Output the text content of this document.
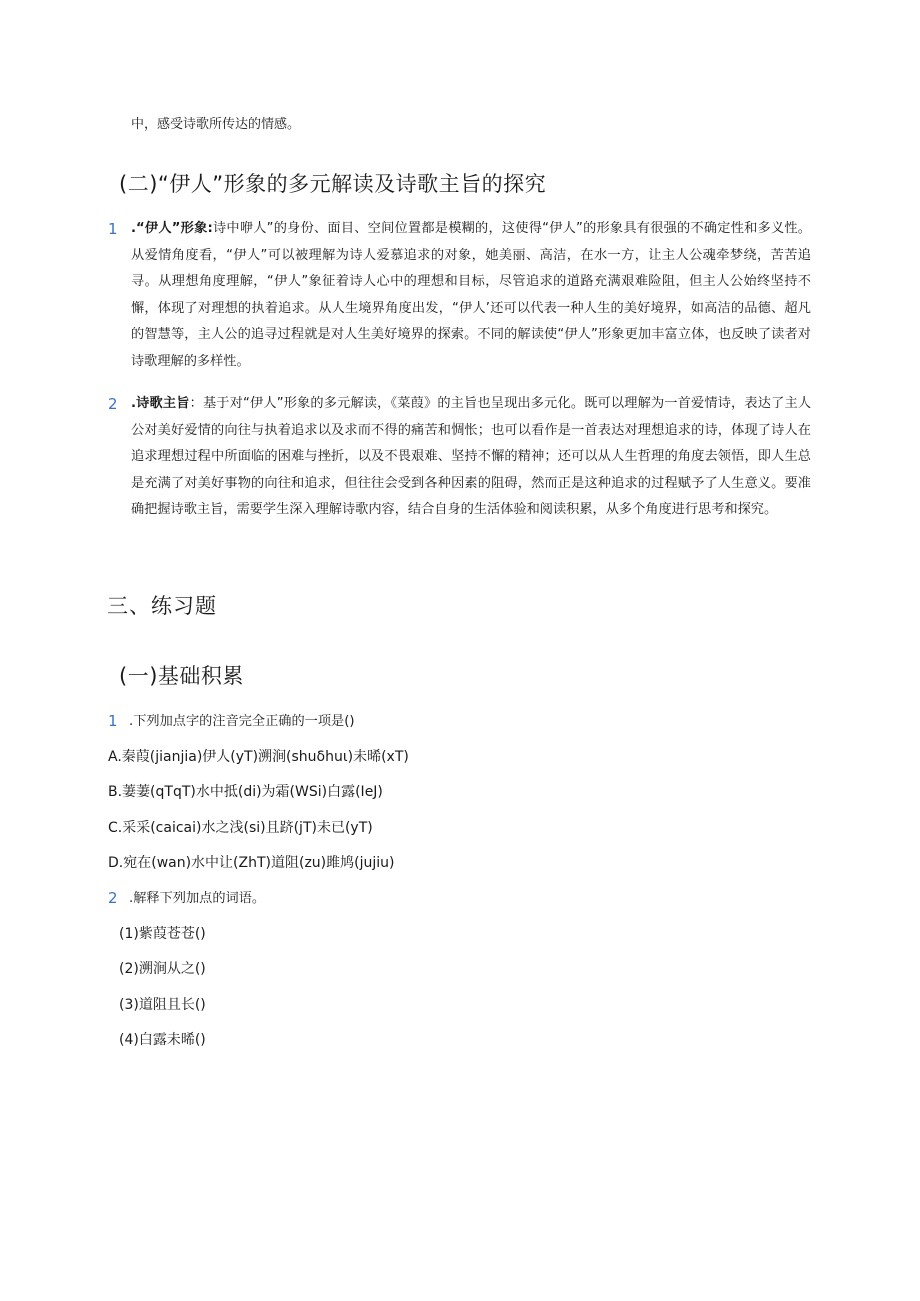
中，感受诗歌所传达的情感。
(二)“伊人”形象的多元解读及诗歌主旨的探究
1 .“伊人”形象:诗中咿人”的身份、面目、空间位置都是模糊的，这使得“伊人”的形象具有很强的不确定性和多义性。从爱情角度看，“伊人”可以被理解为诗人爱慕追求的对象，她美丽、高洁，在水一方，让主人公魂牵梦绕，苦苦追寻。从理想角度理解，“伊人”象征着诗人心中的理想和目标，尽管追求的道路充满艰难险阻，但主人公始终坚持不懈，体现了对理想的执着追求。从人生境界角度出发，“伊人’还可以代表一种人生的美好境界，如高洁的品德、超凡的智慧等，主人公的追寻过程就是对人生美好境界的探索。不同的解读使“伊人”形象更加丰富立体，也反映了读者对诗歌理解的多样性。
2 .诗歌主旨：基于对“伊人”形象的多元解读，《菜葭》的主旨也呈现出多元化。既可以理解为一首爱情诗，表达了主人公对美好爱情的向往与执着追求以及求而不得的痛苦和惆怅；也可以看作是一首表达对理想追求的诗，体现了诗人在追求理想过程中所面临的困难与挫折，以及不畏艰难、坚持不懈的精神；还可以从人生哲理的角度去领悟，即人生总是充满了对美好事物的向往和追求，但往往会受到各种因素的阻碍，然而正是这种追求的过程赋予了人生意义。要准确把握诗歌主旨，需要学生深入理解诗歌内容，结合自身的生活体验和阅读积累，从多个角度进行思考和探究。
三、练习题
(一)基础积累
1 .下列加点字的注音完全正确的一项是()
A.秦葭(jianjia)伊人(yT)溯涧(shuδhuι)未晞(xT)
B.萋萋(qTqT)水中抵(di)为霜(WSi)白露(IeJ)
C.采采(caicai)水之浅(si)且跻(jT)未已(yT)
D.宛在(wan)水中让(ZhT)道阻(zu)雎鸠(jujiu)
2 .解释下列加点的词语。
(1)紫葭苍苍()
(2)溯涧从之()
(3)道阻且长()
(4)白露未晞()
